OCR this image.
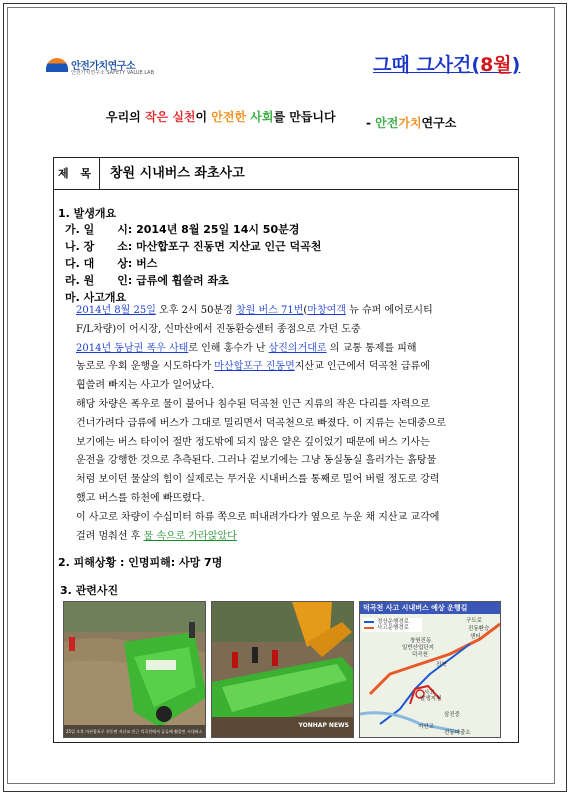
안전가치연구소
안전가치연구소 SAFETY VALUE LAB	그때 그사건(8월)
우리의 작은 실천이 안전한 사회를 만듭니다	- 안전가치연구소
제 목	창원 시내버스 좌초사고
1. 발생개요
가. 일      시: 2014년 8월 25일 14시 50분경
나. 장      소: 마산합포구 진동면 지산교 인근 덕곡천
다. 대      상: 버스
라. 원      인: 급류에 휩쓸려 좌초
마. 사고개요
2014년 8월 25일 오후 2시 50분경 창원 버스 71번(마창여객 뉴 슈퍼 에어로시티
F/L차량)이 어시장, 신마산에서 진동환승센터 종점으로 가던 도중
2014년 동남권 폭우 사태로 인해 홍수가 난 삼진의거대로 의 교통 통제를 피해
농로로 우회 운행을 시도하다가 마산합포구 진동면지산교 인근에서 덕곡천 급류에
휩쓸려 빠지는 사고가 일어났다.
해당 차량은 폭우로 물이 불어나 침수된 덕곡천 인근 지류의 작은 다리를 자력으로
건너가려다 급류에 버스가 그대로 밀리면서 덕곡천으로 빠졌다. 이 지류는 논대중으로
보기에는 버스 타이어 절반 정도밖에 되지 않은 얕은 깊이었기 때문에 버스 기사는
운전을 강행한 것으로 추측된다. 그러나 겉보기에는 그냥 동실동실 흘러가는 흙탕물
처럼 보이던 물살의 힘이 실제로는 무거운 시내버스를 통째로 밀어 버릴 정도로 강력
했고 버스를 하천에 빠뜨렸다.
이 사고로 차량이 수십미터 하류 쪽으로 떠내려가다가 옆으로 누운 채 지산교 교각에
걸려 멈춰선 후 물 속으로 가라앉았다
2. 피해상황 : 인명피해: 사망 7명
3. 관련사진
25일 오후 마산합포구 진동면 지산교 인근 덕곡천에서 급류에 휩쓸린 시내버스
YONHAP NEWS
덕곡천 사고 시내버스 예상 운행길
정상운행경로
사고운행경로
구도로
진동환승
센터
창원진동
덕곡천
일반산업단지
진북
사고
발생지점
지산교
삼진중
진동파출소
